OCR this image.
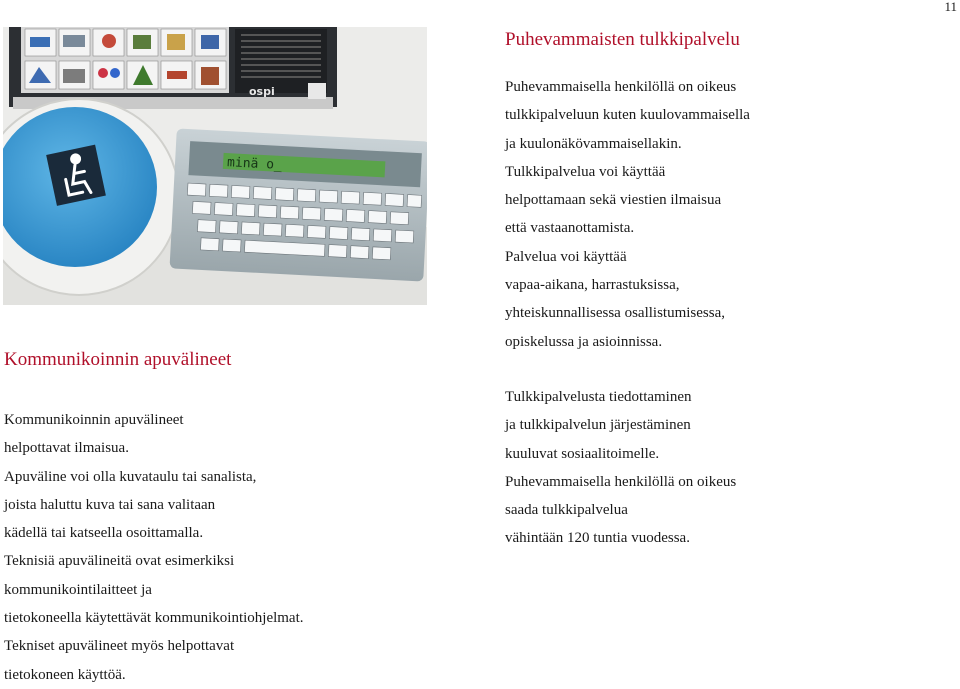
11
ospi
minä o_
Kommunikoinnin apuvälineet
Kommunikoinnin apuvälineet
helpottavat ilmaisua.
Apuväline voi olla kuvataulu tai sanalista,
joista haluttu kuva tai sana valitaan
kädellä tai katseella osoittamalla.
Teknisiä apuvälineitä ovat esimerkiksi
kommunikointilaitteet ja
tietokoneella käytettävät kommunikointiohjelmat.
Tekniset apuvälineet myös helpottavat
tietokoneen käyttöä.
Puhevammaisten tulkkipalvelu
Puhevammaisella henkilöllä on oikeus
tulkkipalveluun kuten kuulovammaisella
ja kuulonäkövammaisellakin.
Tulkkipalvelua voi käyttää
helpottamaan sekä viestien ilmaisua
että vastaanottamista.
Palvelua voi käyttää
vapaa-aikana, harrastuksissa,
yhteiskunnallisessa osallistumisessa,
opiskelussa ja asioinnissa.
Tulkkipalvelusta tiedottaminen
ja tulkkipalvelun järjestäminen
kuuluvat sosiaalitoimelle.
Puhevammaisella henkilöllä on oikeus
saada tulkkipalvelua
vähintään 120 tuntia vuodessa.
